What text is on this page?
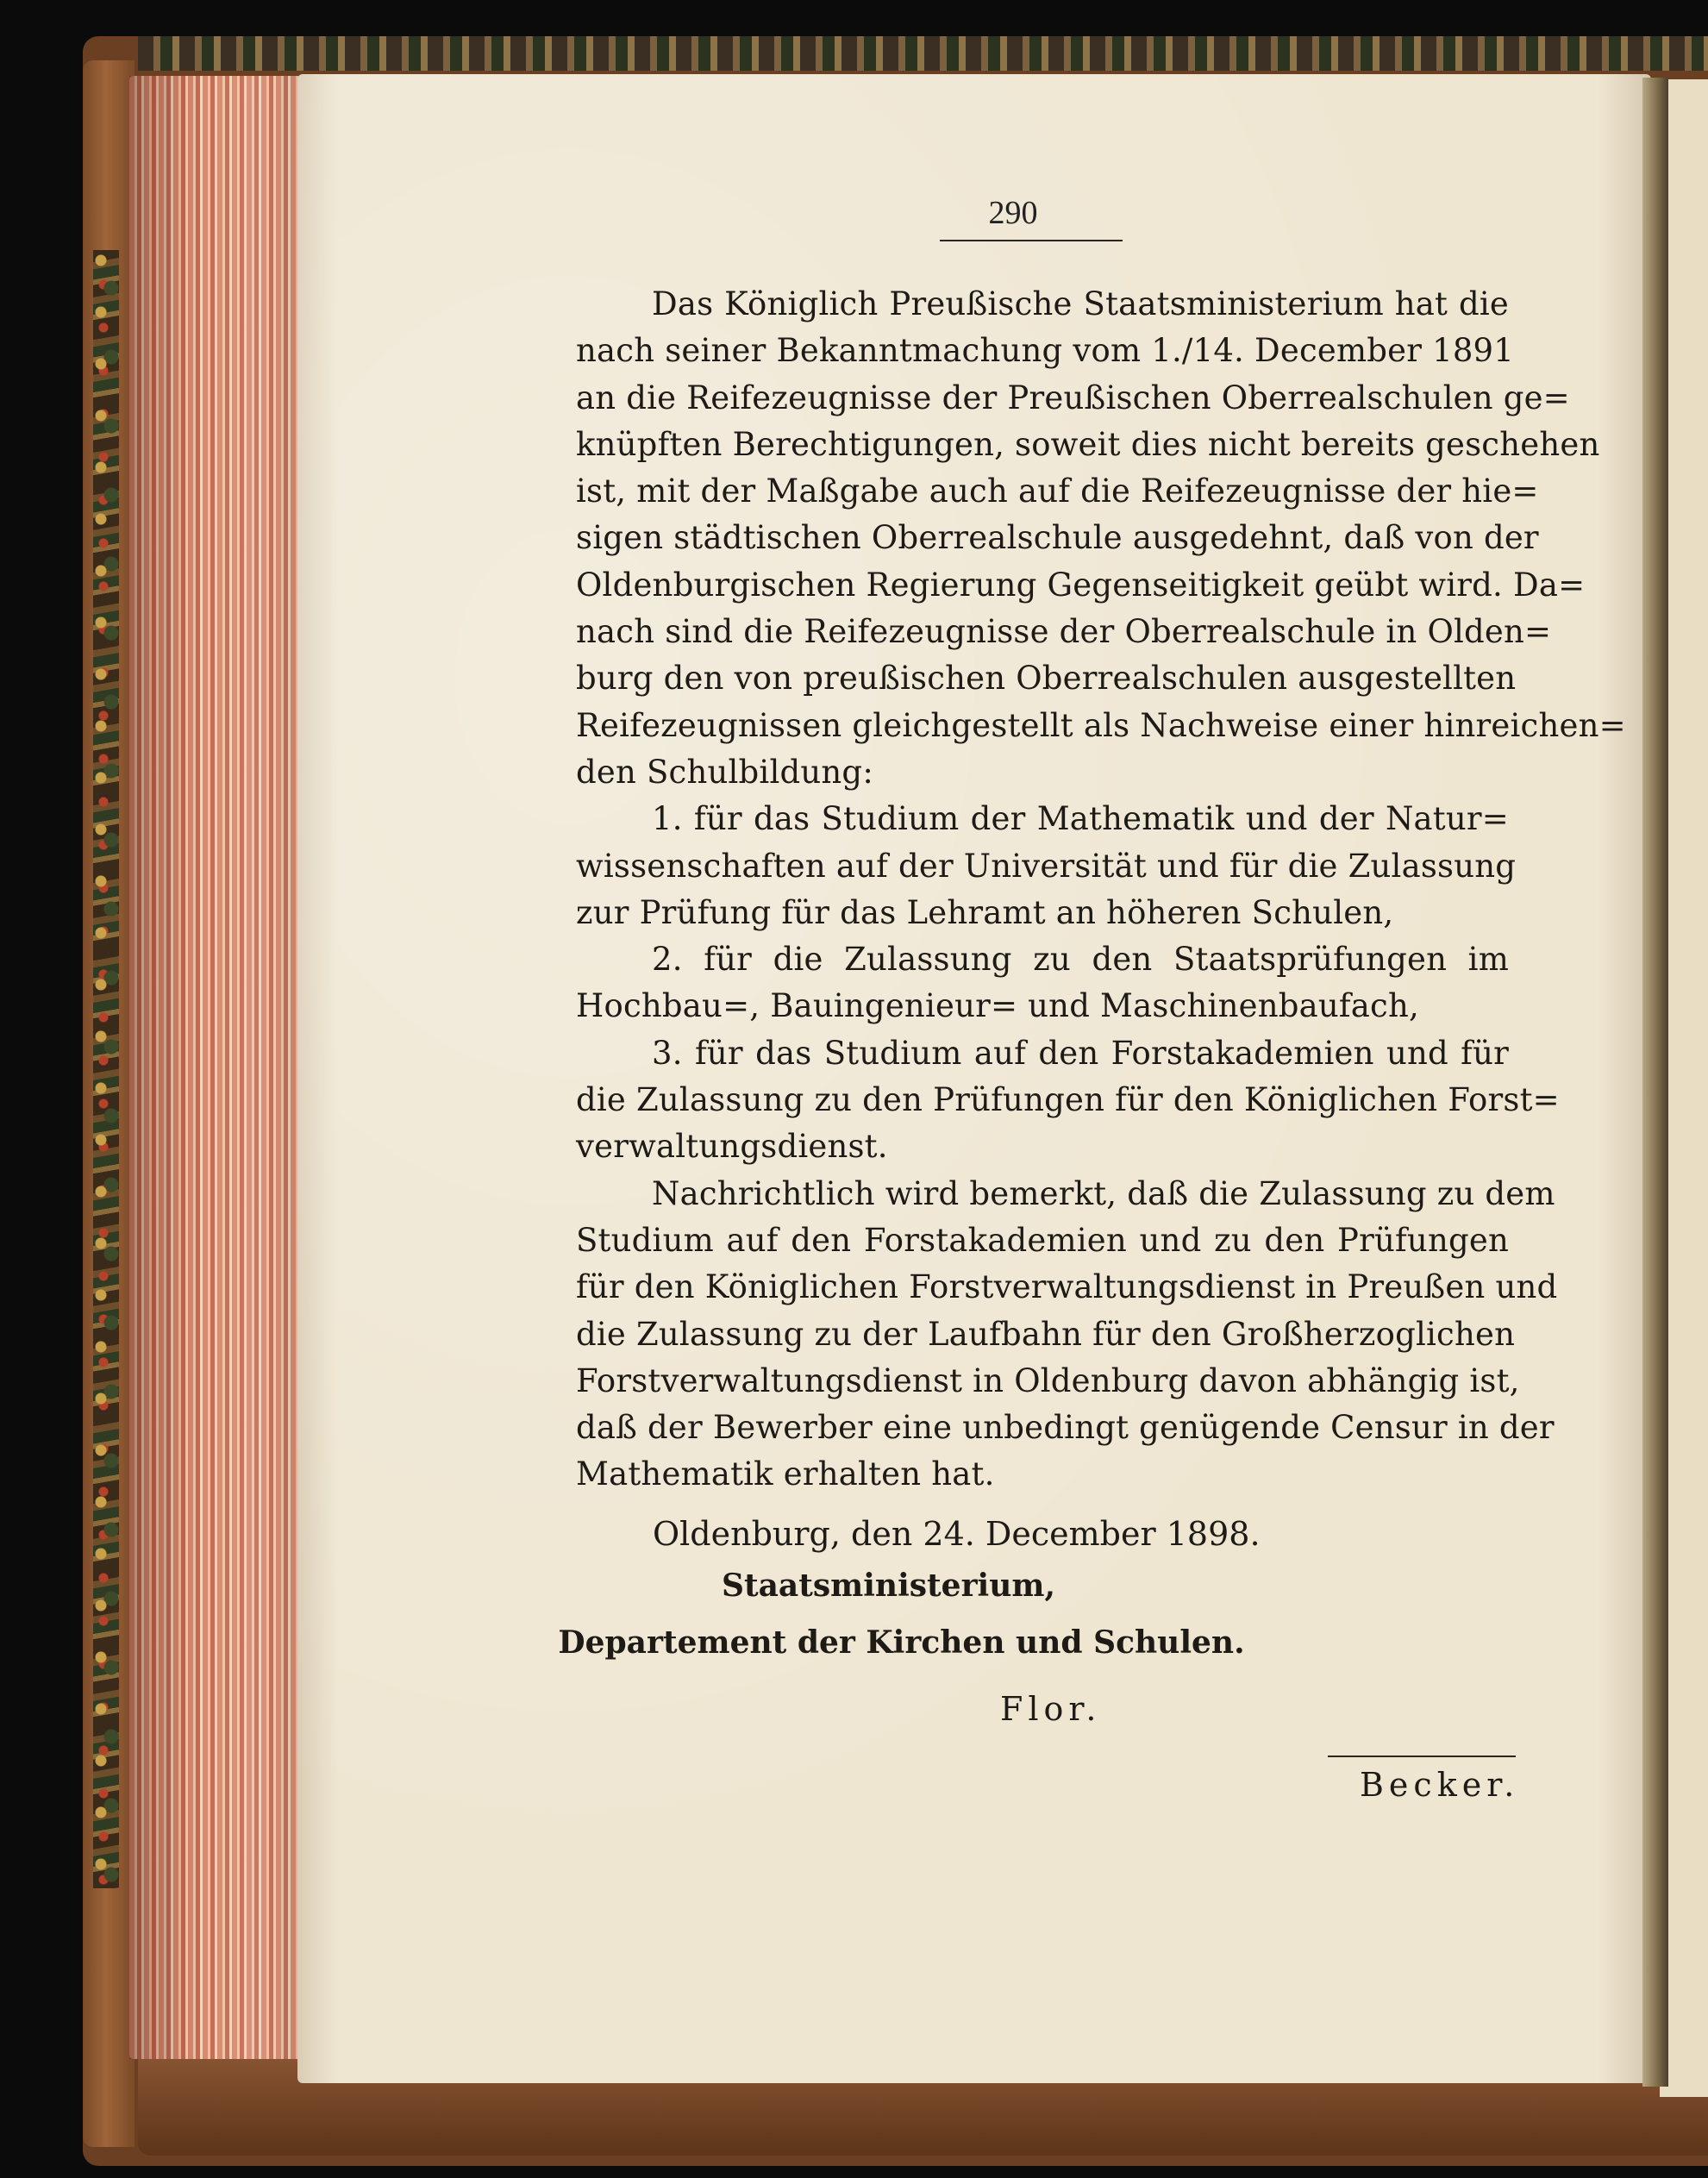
290
Das Königlich Preußische Staatsministerium hat die
nach seiner Bekanntmachung vom 1./14. December 1891
an die Reifezeugnisse der Preußischen Oberrealschulen ge=
knüpften Berechtigungen, soweit dies nicht bereits geschehen
ist, mit der Maßgabe auch auf die Reifezeugnisse der hie=
sigen städtischen Oberrealschule ausgedehnt, daß von der
Oldenburgischen Regierung Gegenseitigkeit geübt wird. Da=
nach sind die Reifezeugnisse der Oberrealschule in Olden=
burg den von preußischen Oberrealschulen ausgestellten
Reifezeugnissen gleichgestellt als Nachweise einer hinreichen=
den Schulbildung:
1. für das Studium der Mathematik und der Natur=
wissenschaften auf der Universität und für die Zulassung
zur Prüfung für das Lehramt an höheren Schulen,
2. für die Zulassung zu den Staatsprüfungen im
Hochbau=, Bauingenieur= und Maschinenbaufach,
3. für das Studium auf den Forstakademien und für
die Zulassung zu den Prüfungen für den Königlichen Forst=
verwaltungsdienst.
Nachrichtlich wird bemerkt, daß die Zulassung zu dem
Studium auf den Forstakademien und zu den Prüfungen
für den Königlichen Forstverwaltungsdienst in Preußen und
die Zulassung zu der Laufbahn für den Großherzoglichen
Forstverwaltungsdienst in Oldenburg davon abhängig ist,
daß der Bewerber eine unbedingt genügende Censur in der
Mathematik erhalten hat.
Oldenburg, den 24. December 1898.
Staatsministerium,
Departement der Kirchen und Schulen.
Flor.
Becker.
